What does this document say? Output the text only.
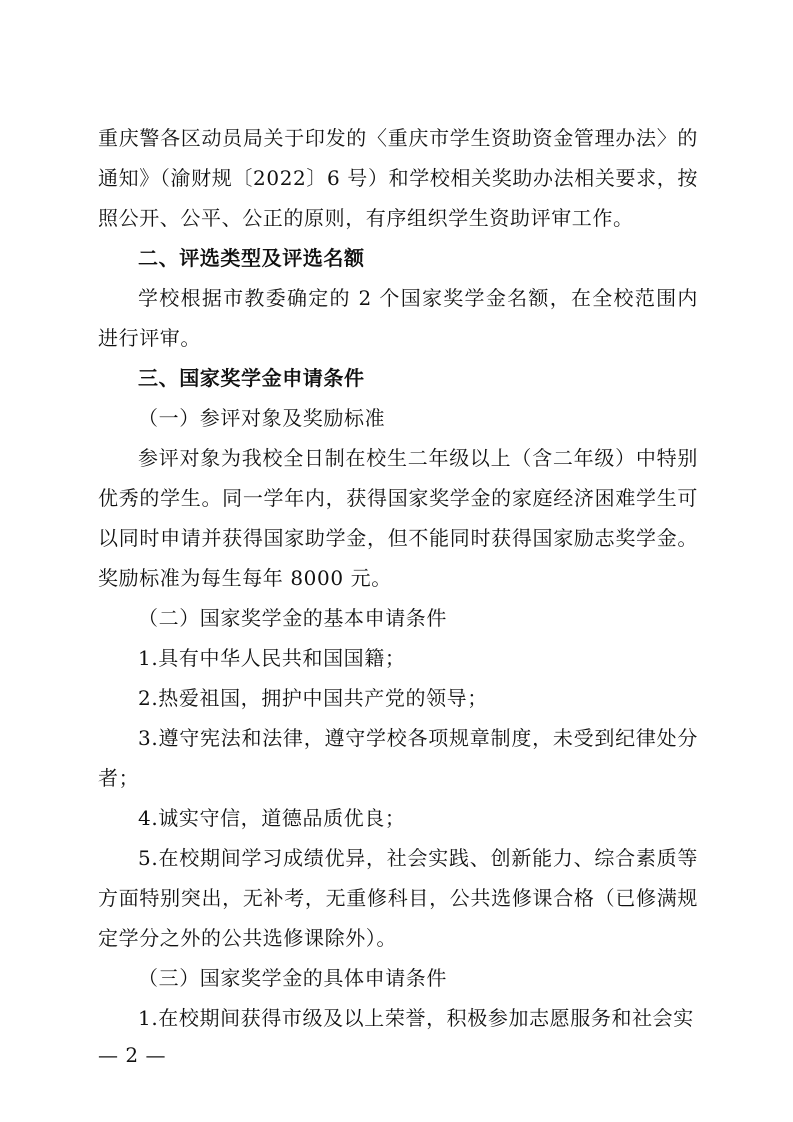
重庆警各区动员局关于印发的〈重庆市学生资助资金管理办法〉的通知》（渝财规〔2022〕6 号）和学校相关奖助办法相关要求，按照公开、公平、公正的原则，有序组织学生资助评审工作。

二、评选类型及评选名额

学校根据市教委确定的 2 个国家奖学金名额，在全校范围内进行评审。

三、国家奖学金申请条件

（一）参评对象及奖励标准

参评对象为我校全日制在校生二年级以上（含二年级）中特别优秀的学生。同一学年内，获得国家奖学金的家庭经济困难学生可以同时申请并获得国家助学金，但不能同时获得国家励志奖学金。奖励标准为每生每年 8000 元。

（二）国家奖学金的基本申请条件

1.具有中华人民共和国国籍；

2.热爱祖国，拥护中国共产党的领导；

3.遵守宪法和法律，遵守学校各项规章制度，未受到纪律处分者；

4.诚实守信，道德品质优良；

5.在校期间学习成绩优异，社会实践、创新能力、综合素质等方面特别突出，无补考，无重修科目，公共选修课合格（已修满规定学分之外的公共选修课除外）。

（三）国家奖学金的具体申请条件

1.在校期间获得市级及以上荣誉，积极参加志愿服务和社会实

— 2 —
